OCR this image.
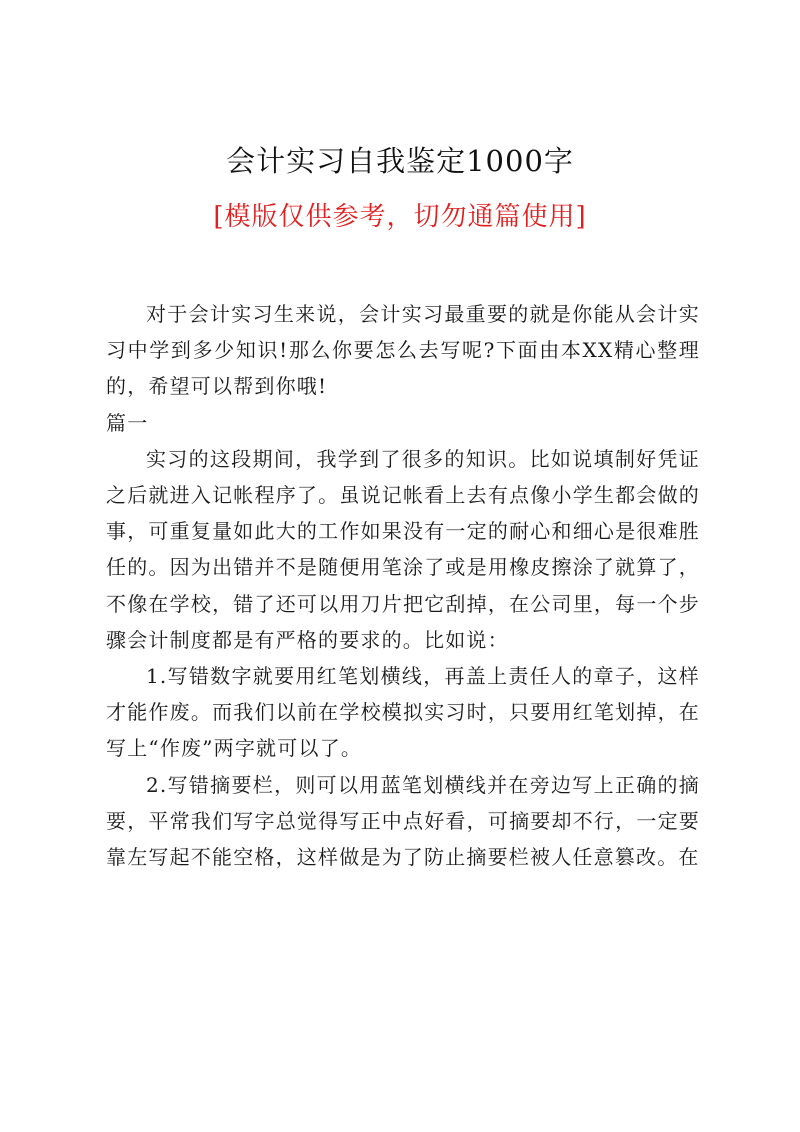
会计实习自我鉴定1000字
[模版仅供参考，切勿通篇使用]

对于会计实习生来说，会计实习最重要的就是你能从会计实习中学到多少知识!那么你要怎么去写呢?下面由本XX精心整理的，希望可以帮到你哦!

篇一

实习的这段期间，我学到了很多的知识。比如说填制好凭证之后就进入记帐程序了。虽说记帐看上去有点像小学生都会做的事，可重复量如此大的工作如果没有一定的耐心和细心是很难胜任的。因为出错并不是随便用笔涂了或是用橡皮擦涂了就算了，不像在学校，错了还可以用刀片把它刮掉，在公司里，每一个步骤会计制度都是有严格的要求的。比如说：

1.写错数字就要用红笔划横线，再盖上责任人的章子，这样才能作废。而我们以前在学校模拟实习时，只要用红笔划掉，在写上“作废”两字就可以了。

2.写错摘要栏，则可以用蓝笔划横线并在旁边写上正确的摘要，平常我们写字总觉得写正中点好看，可摘要却不行，一定要靠左写起不能空格，这样做是为了防止摘要栏被人任意篡改。在
